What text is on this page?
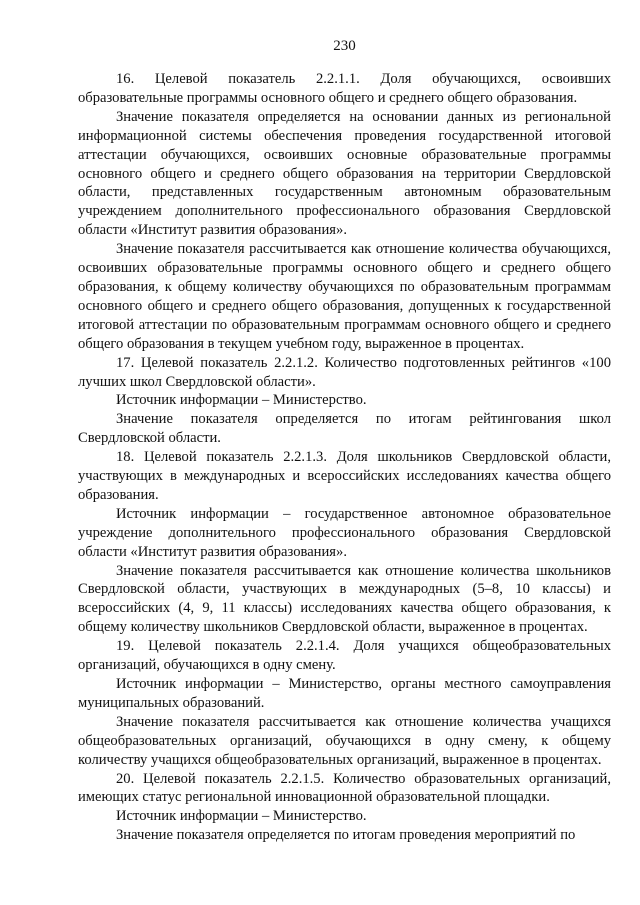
230

16. Целевой показатель 2.2.1.1. Доля обучающихся, освоивших образовательные программы основного общего и среднего общего образования.

Значение показателя определяется на основании данных из региональной информационной системы обеспечения проведения государственной итоговой аттестации обучающихся, освоивших основные образовательные программы основного общего и среднего общего образования на территории Свердловской области, представленных государственным автономным образовательным учреждением дополнительного профессионального образования Свердловской области «Институт развития образования».

Значение показателя рассчитывается как отношение количества обучающихся, освоивших образовательные программы основного общего и среднего общего образования, к общему количеству обучающихся по образовательным программам основного общего и среднего общего образования, допущенных к государственной итоговой аттестации по образовательным программам основного общего и среднего общего образования в текущем учебном году, выраженное в процентах.

17. Целевой показатель 2.2.1.2. Количество подготовленных рейтингов «100 лучших школ Свердловской области».

Источник информации – Министерство.

Значение показателя определяется по итогам рейтингования школ Свердловской области.

18. Целевой показатель 2.2.1.3. Доля школьников Свердловской области, участвующих в международных и всероссийских исследованиях качества общего образования.

Источник информации – государственное автономное образовательное учреждение дополнительного профессионального образования Свердловской области «Институт развития образования».

Значение показателя рассчитывается как отношение количества школьников Свердловской области, участвующих в международных (5–8, 10 классы) и всероссийских (4, 9, 11 классы) исследованиях качества общего образования, к общему количеству школьников Свердловской области, выраженное в процентах.

19. Целевой показатель 2.2.1.4. Доля учащихся общеобразовательных организаций, обучающихся в одну смену.

Источник информации – Министерство, органы местного самоуправления муниципальных образований.

Значение показателя рассчитывается как отношение количества учащихся общеобразовательных организаций, обучающихся в одну смену, к общему количеству учащихся общеобразовательных организаций, выраженное в процентах.

20. Целевой показатель 2.2.1.5. Количество образовательных организаций, имеющих статус региональной инновационной образовательной площадки.

Источник информации – Министерство.

Значение показателя определяется по итогам проведения мероприятий по
